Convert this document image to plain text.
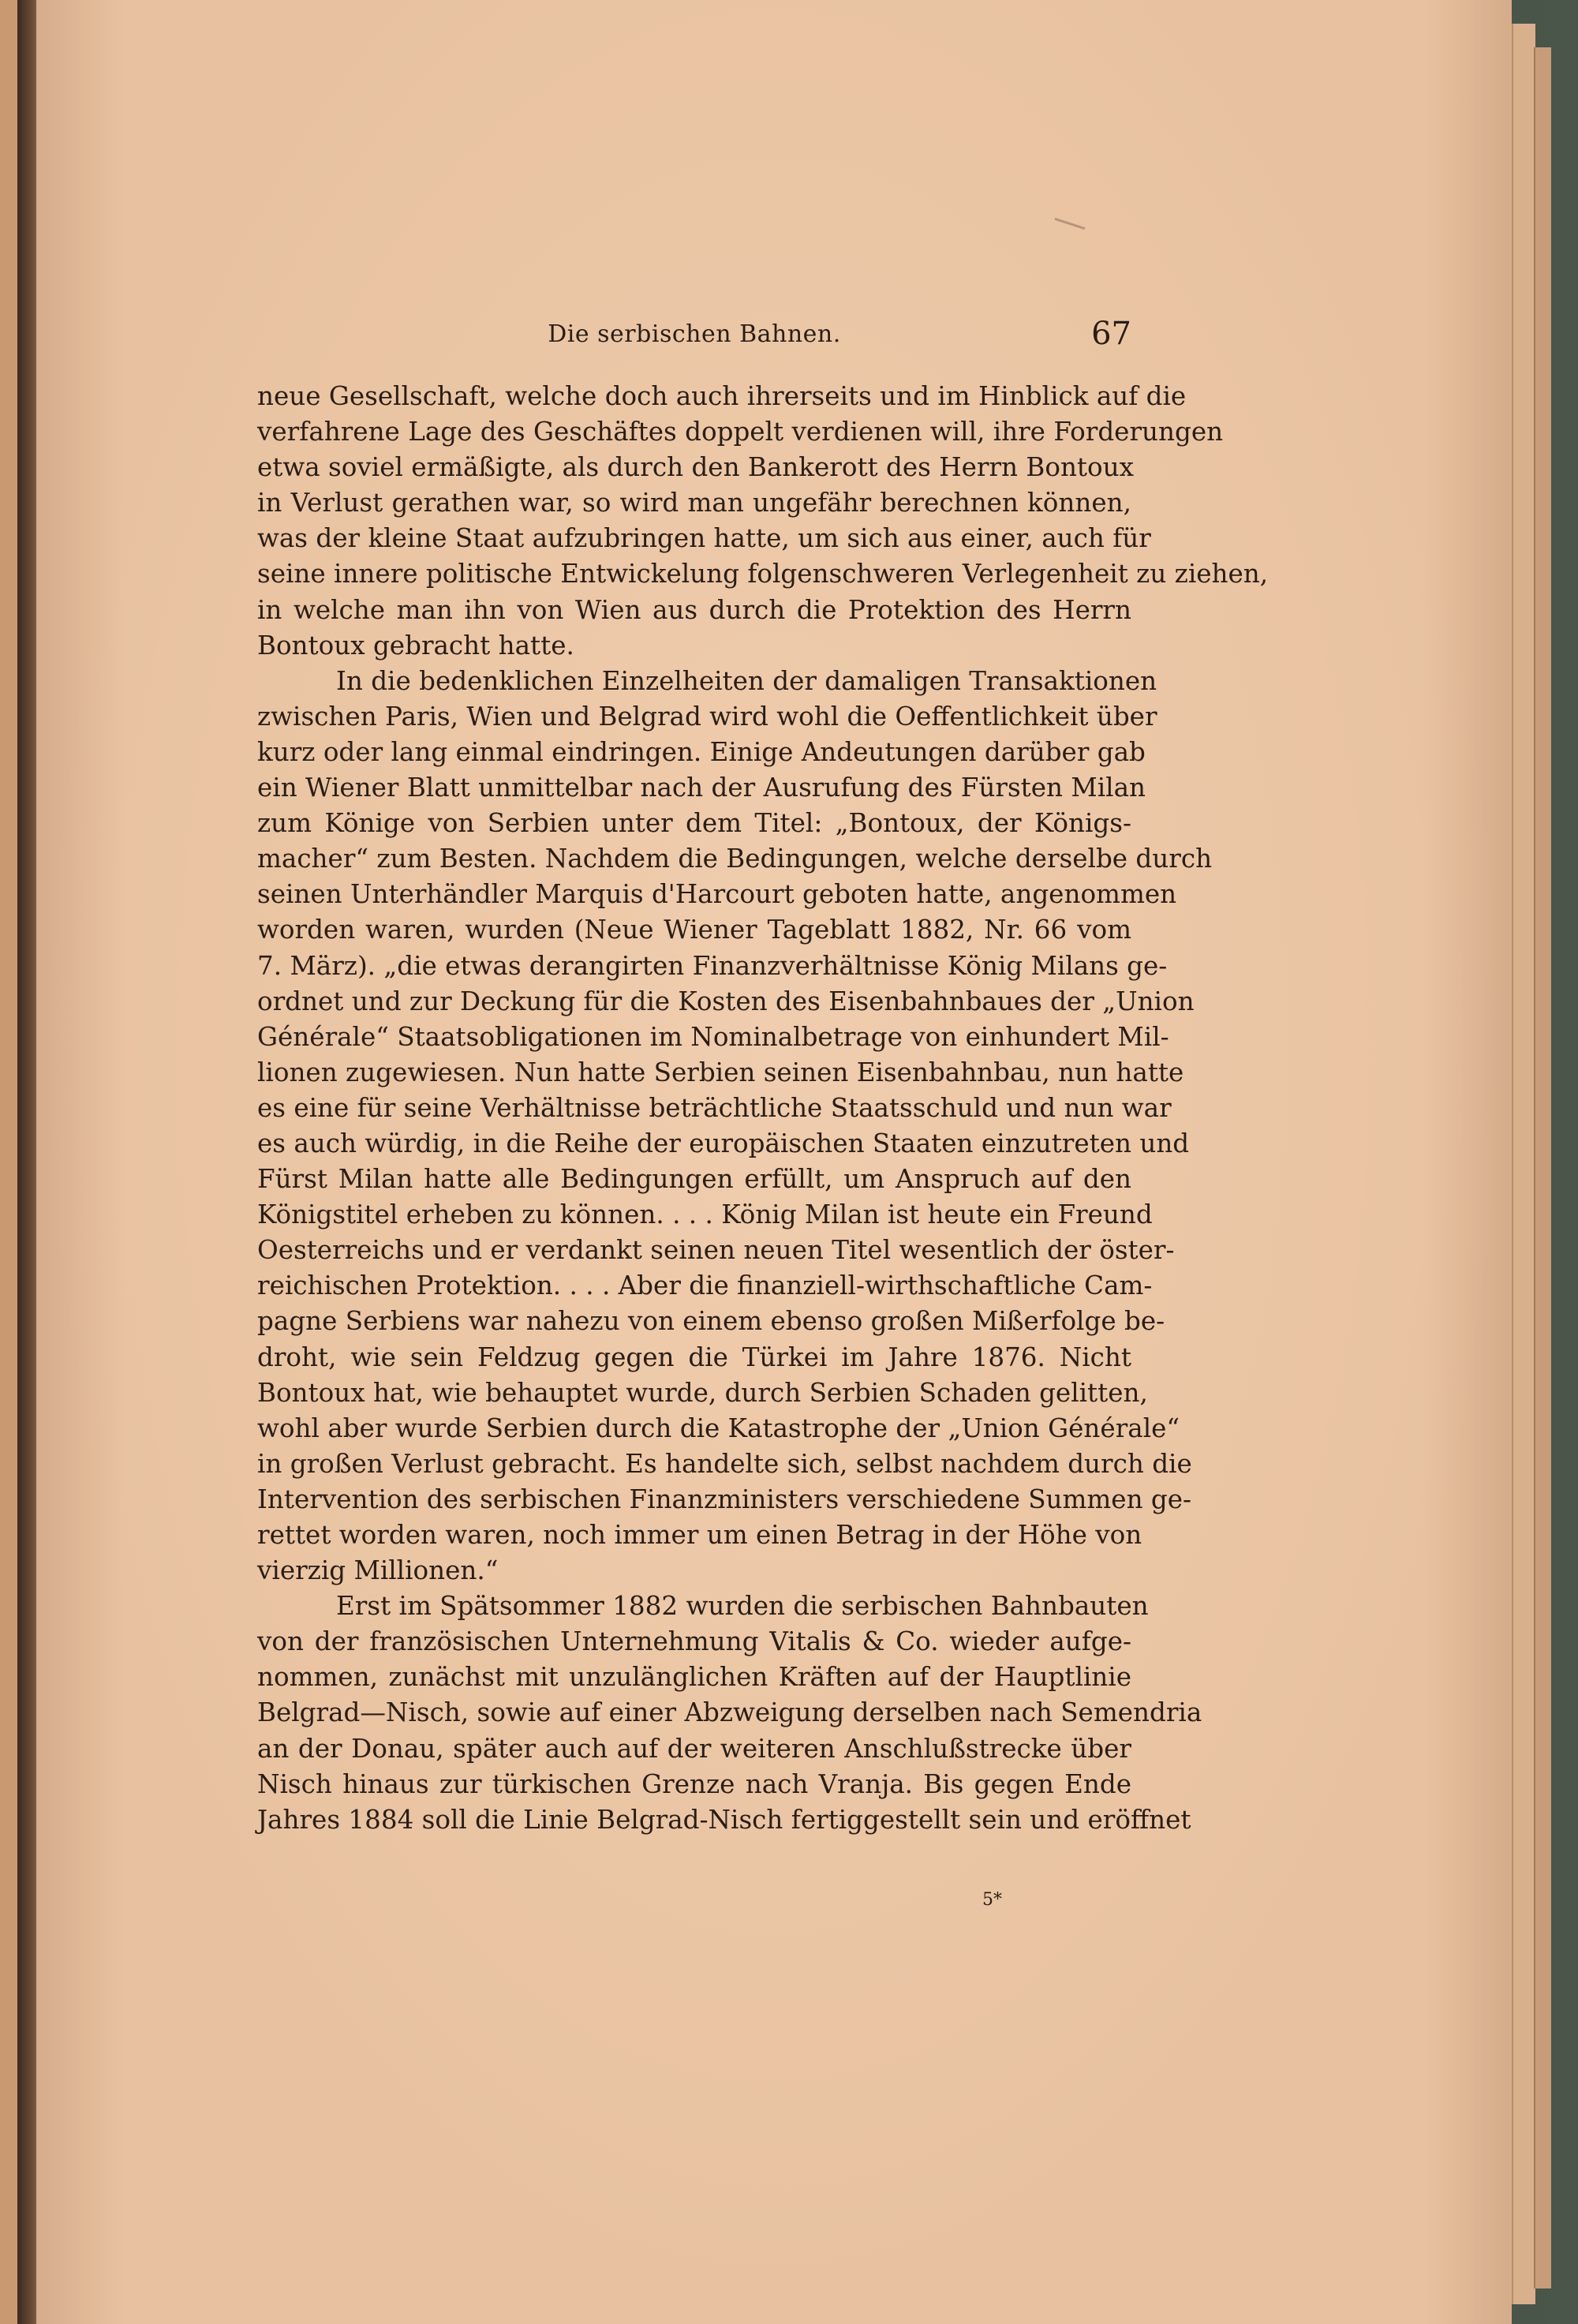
Die serbischen Bahnen.	67
neue Gesellschaft, welche doch auch ihrerseits und im Hinblick auf die
verfahrene Lage des Geschäftes doppelt verdienen will, ihre Forderungen
etwa soviel ermäßigte, als durch den Bankerott des Herrn Bontoux
in Verlust gerathen war, so wird man ungefähr berechnen können,
was der kleine Staat aufzubringen hatte, um sich aus einer, auch für
seine innere politische Entwickelung folgenschweren Verlegenheit zu ziehen,
in welche man ihn von Wien aus durch die Protektion des Herrn
Bontoux gebracht hatte.
In die bedenklichen Einzelheiten der damaligen Transaktionen
zwischen Paris, Wien und Belgrad wird wohl die Oeffentlichkeit über
kurz oder lang einmal eindringen. Einige Andeutungen darüber gab
ein Wiener Blatt unmittelbar nach der Ausrufung des Fürsten Milan
zum Könige von Serbien unter dem Titel: „Bontoux, der Königs-
macher“ zum Besten. Nachdem die Bedingungen, welche derselbe durch
seinen Unterhändler Marquis d'Harcourt geboten hatte, angenommen
worden waren, wurden (Neue Wiener Tageblatt 1882, Nr. 66 vom
7. März). „die etwas derangirten Finanzverhältnisse König Milans ge-
ordnet und zur Deckung für die Kosten des Eisenbahnbaues der „Union
Générale“ Staatsobligationen im Nominalbetrage von einhundert Mil-
lionen zugewiesen. Nun hatte Serbien seinen Eisenbahnbau, nun hatte
es eine für seine Verhältnisse beträchtliche Staatsschuld und nun war
es auch würdig, in die Reihe der europäischen Staaten einzutreten und
Fürst Milan hatte alle Bedingungen erfüllt, um Anspruch auf den
Königstitel erheben zu können. . . . König Milan ist heute ein Freund
Oesterreichs und er verdankt seinen neuen Titel wesentlich der öster-
reichischen Protektion. . . . Aber die finanziell-wirthschaftliche Cam-
pagne Serbiens war nahezu von einem ebenso großen Mißerfolge be-
droht, wie sein Feldzug gegen die Türkei im Jahre 1876. Nicht
Bontoux hat, wie behauptet wurde, durch Serbien Schaden gelitten,
wohl aber wurde Serbien durch die Katastrophe der „Union Générale“
in großen Verlust gebracht. Es handelte sich, selbst nachdem durch die
Intervention des serbischen Finanzministers verschiedene Summen ge-
rettet worden waren, noch immer um einen Betrag in der Höhe von
vierzig Millionen.“
Erst im Spätsommer 1882 wurden die serbischen Bahnbauten
von der französischen Unternehmung Vitalis & Co. wieder aufge-
nommen, zunächst mit unzulänglichen Kräften auf der Hauptlinie
Belgrad—Nisch, sowie auf einer Abzweigung derselben nach Semendria
an der Donau, später auch auf der weiteren Anschlußstrecke über
Nisch hinaus zur türkischen Grenze nach Vranja. Bis gegen Ende
Jahres 1884 soll die Linie Belgrad-Nisch fertiggestellt sein und eröffnet
5*
